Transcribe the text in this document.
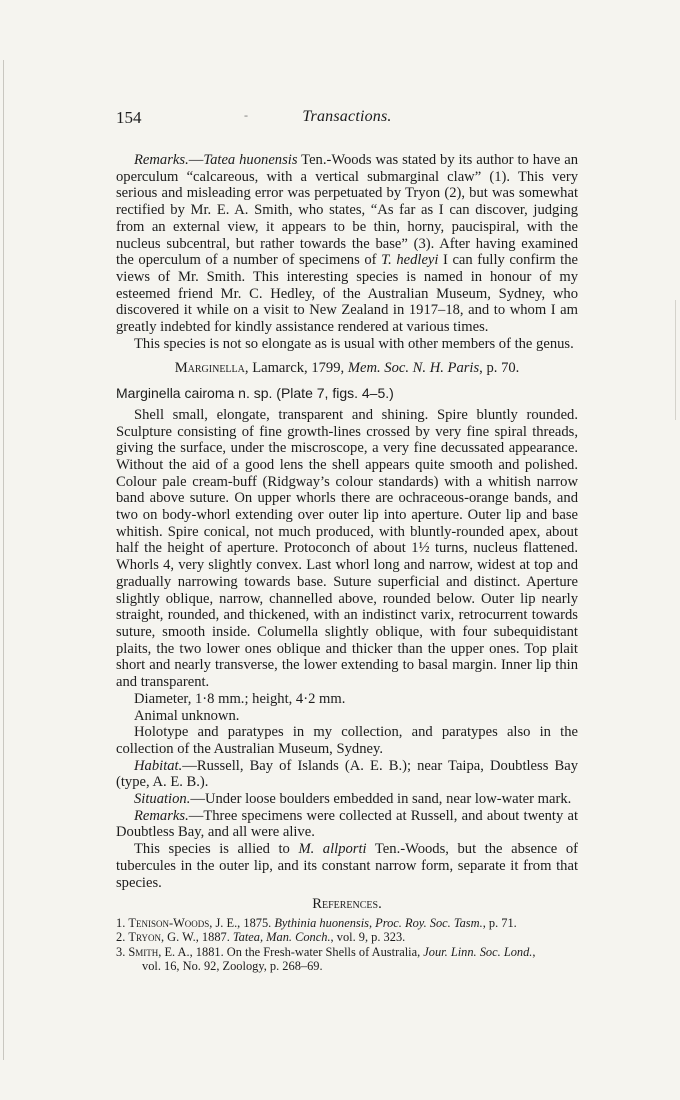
154	-	Transactions.

Remarks.—Tatea huonensis Ten.-Woods was stated by its author to have an operculum “calcareous, with a vertical submarginal claw” (1). This very serious and misleading error was perpetuated by Tryon (2), but was somewhat rectified by Mr. E. A. Smith, who states, “As far as I can discover, judging from an external view, it appears to be thin, horny, paucispiral, with the nucleus subcentral, but rather towards the base” (3). After having examined the operculum of a number of specimens of T. hedleyi I can fully confirm the views of Mr. Smith. This interesting species is named in honour of my esteemed friend Mr. C. Hedley, of the Australian Museum, Sydney, who discovered it while on a visit to New Zealand in 1917–18, and to whom I am greatly indebted for kindly assistance rendered at various times.

This species is not so elongate as is usual with other members of the genus.

Marginella, Lamarck, 1799, Mem. Soc. N. H. Paris, p. 70.

Marginella cairoma n. sp. (Plate 7, figs. 4–5.)

Shell small, elongate, transparent and shining. Spire bluntly rounded. Sculpture consisting of fine growth-lines crossed by very fine spiral threads, giving the surface, under the miscroscope, a very fine decussated appearance. Without the aid of a good lens the shell appears quite smooth and polished. Colour pale cream-buff (Ridgway’s colour standards) with a whitish narrow band above suture. On upper whorls there are ochraceous-orange bands, and two on body-whorl extending over outer lip into aperture. Outer lip and base whitish. Spire conical, not much produced, with bluntly-rounded apex, about half the height of aperture. Protoconch of about 1½ turns, nucleus flattened. Whorls 4, very slightly convex. Last whorl long and narrow, widest at top and gradually narrowing towards base. Suture superficial and distinct. Aperture slightly oblique, narrow, channelled above, rounded below. Outer lip nearly straight, rounded, and thickened, with an indistinct varix, retrocurrent towards suture, smooth inside. Columella slightly oblique, with four subequidistant plaits, the two lower ones oblique and thicker than the upper ones. Top plait short and nearly transverse, the lower extending to basal margin. Inner lip thin and transparent.

Diameter, 1·8 mm.; height, 4·2 mm.

Animal unknown.

Holotype and paratypes in my collection, and paratypes also in the collection of the Australian Museum, Sydney.

Habitat.—Russell, Bay of Islands (A. E. B.); near Taipa, Doubtless Bay (type, A. E. B.).

Situation.—Under loose boulders embedded in sand, near low-water mark.

Remarks.—Three specimens were collected at Russell, and about twenty at Doubtless Bay, and all were alive.

This species is allied to M. allporti Ten.-Woods, but the absence of tubercules in the outer lip, and its constant narrow form, separate it from that species.

References.

1. Tenison-Woods, J. E., 1875. Bythinia huonensis, Proc. Roy. Soc. Tasm., p. 71.

2. Tryon, G. W., 1887. Tatea, Man. Conch., vol. 9, p. 323.

3. Smith, E. A., 1881. On the Fresh-water Shells of Australia, Jour. Linn. Soc. Lond.,

vol. 16, No. 92, Zoology, p. 268–69.
